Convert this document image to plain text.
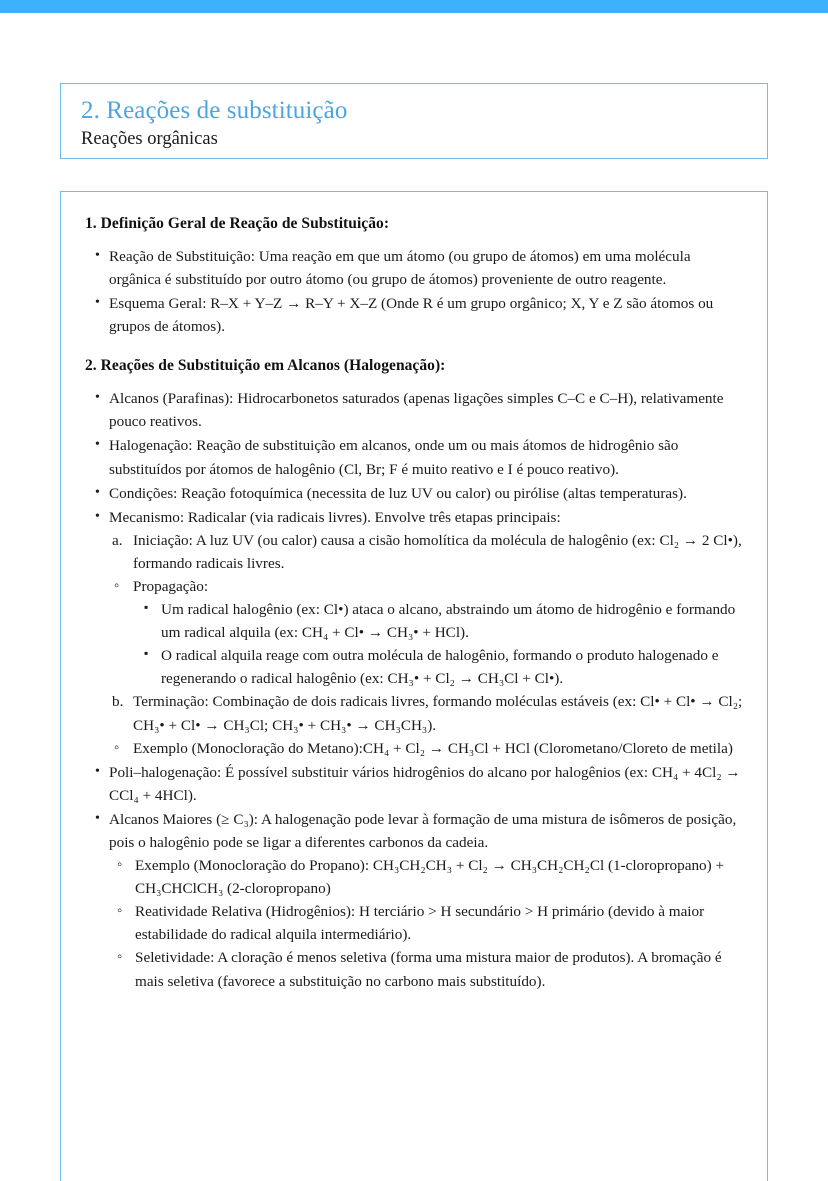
2. Reações de substituição
Reações orgânicas
1. Definição Geral de Reação de Substituição:
• Reação de Substituição: Uma reação em que um átomo (ou grupo de átomos) em uma molécula orgânica é substituído por outro átomo (ou grupo de átomos) proveniente de outro reagente.
• Esquema Geral: R–X + Y–Z → R–Y + X–Z (Onde R é um grupo orgânico; X, Y e Z são átomos ou grupos de átomos).
2. Reações de Substituição em Alcanos (Halogenação):
• Alcanos (Parafinas): Hidrocarbonetos saturados (apenas ligações simples C–C e C–H), relativamente pouco reativos.
• Halogenação: Reação de substituição em alcanos, onde um ou mais átomos de hidrogênio são substituídos por átomos de halogênio (Cl, Br; F é muito reativo e I é pouco reativo).
• Condições: Reação fotoquímica (necessita de luz UV ou calor) ou pirólise (altas temperaturas).
• Mecanismo: Radicalar (via radicais livres). Envolve três etapas principais:
Iniciação: A luz UV (ou calor) causa a cisão homolítica da molécula de halogênio (ex: Cl₂ → 2 Cl•), formando radicais livres.
◦ Propagação:
▪ Um radical halogênio (ex: Cl•) ataca o alcano, abstraindo um átomo de hidrogênio e formando um radical alquila (ex: CH₄ + Cl• → CH₃• + HCl).
▪ O radical alquila reage com outra molécula de halogênio, formando o produto halogenado e regenerando o radical halogênio (ex: CH₃• + Cl₂ → CH₃Cl + Cl•).
Terminação: Combinação de dois radicais livres, formando moléculas estáveis (ex: Cl• + Cl• → Cl₂; CH₃• + Cl• → CH₃Cl; CH₃• + CH₃• → CH₃CH₃).
◦ Exemplo (Monocloração do Metano):CH₄ + Cl₂ → CH₃Cl + HCl (Clorometano/Cloreto de metila)
• Poli–halogenação: É possível substituir vários hidrogênios do alcano por halogênios (ex: CH₄ + 4Cl₂ → CCl₄ + 4HCl).
• Alcanos Maiores (≥ C₃): A halogenação pode levar à formação de uma mistura de isômeros de posição, pois o halogênio pode se ligar a diferentes carbonos da cadeia.
◦ Exemplo (Monocloração do Propano): CH₃CH₂CH₃ + Cl₂ → CH₃CH₂CH₂Cl (1-cloropropano) + CH₃CHClCH₃ (2-cloropropano)
◦ Reatividade Relativa (Hidrogênios): H terciário > H secundário > H primário (devido à maior estabilidade do radical alquila intermediário).
◦ Seletividade: A cloração é menos seletiva (forma uma mistura maior de produtos). A bromação é mais seletiva (favorece a substituição no carbono mais substituído).
